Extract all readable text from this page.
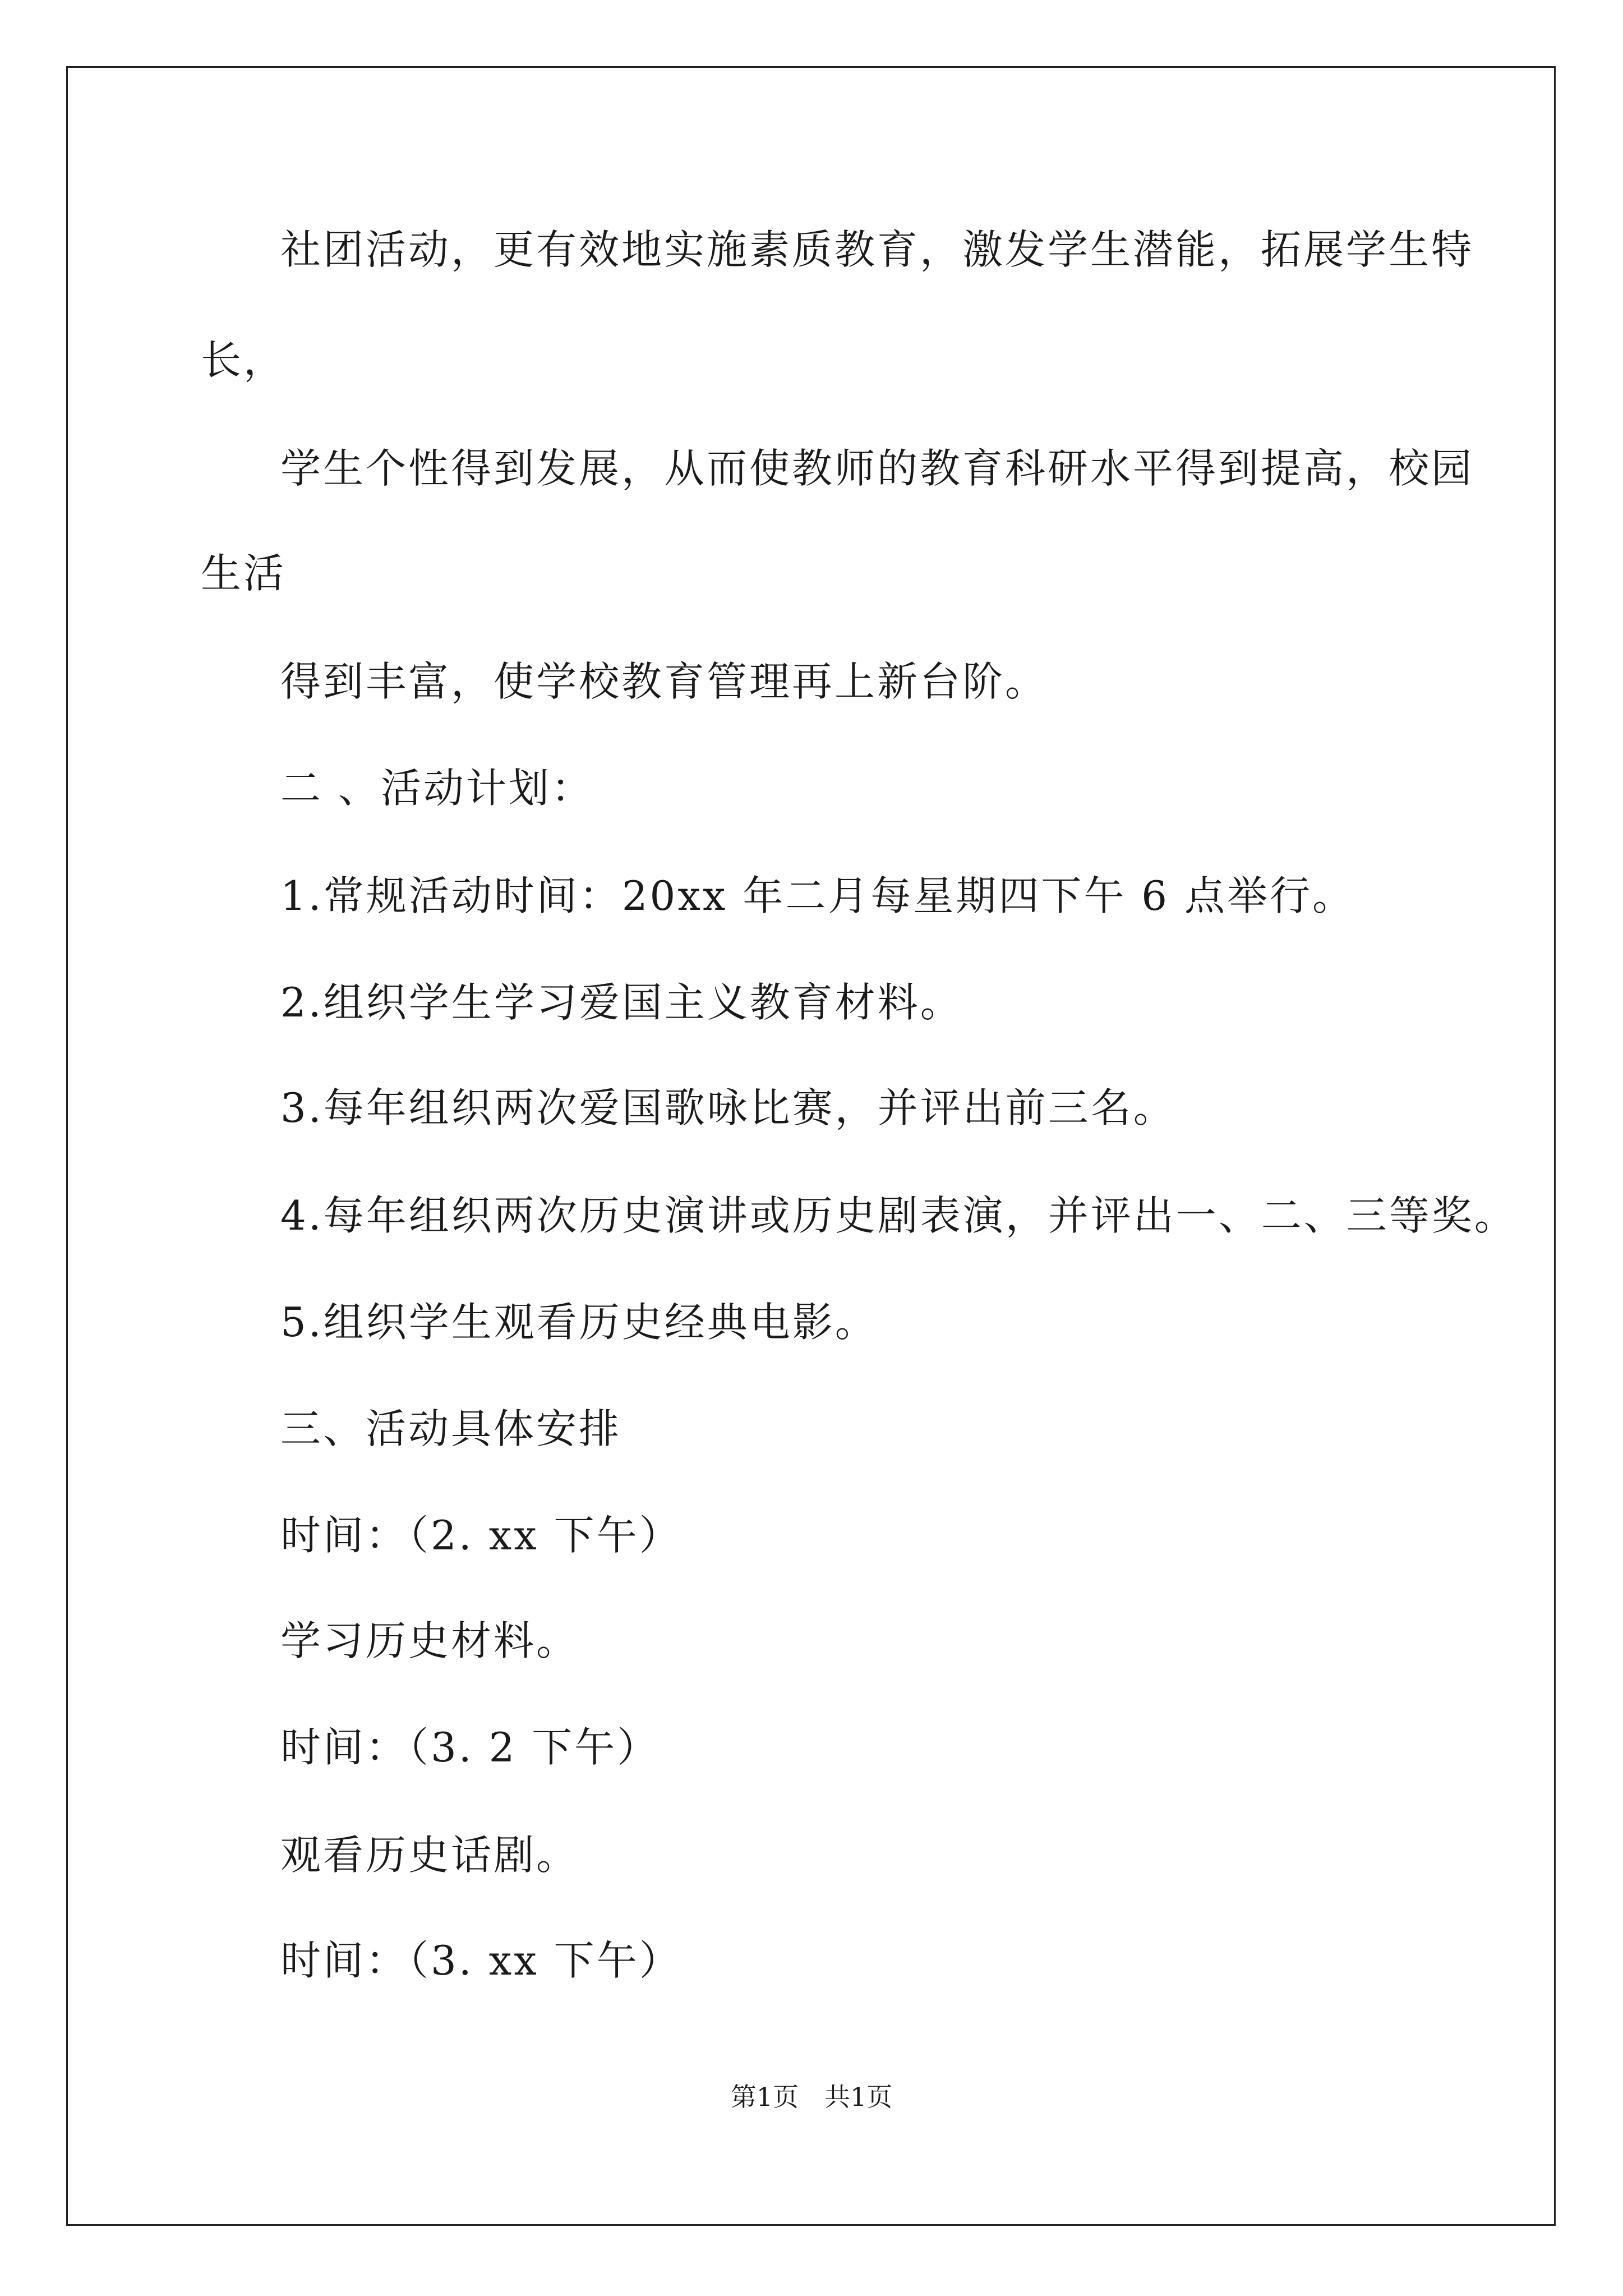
社团活动，更有效地实施素质教育，激发学生潜能，拓展学生特
长，
学生个性得到发展，从而使教师的教育科研水平得到提高，校园
生活
得到丰富，使学校教育管理再上新台阶。
二 、活动计划：
1.常规活动时间：20xx 年二月每星期四下午 6 点举行。
2.组织学生学习爱国主义教育材料。
3.每年组织两次爱国歌咏比赛，并评出前三名。
4.每年组织两次历史演讲或历史剧表演，并评出一、二、三等奖。
5.组织学生观看历史经典电影。
三、活动具体安排
时间：（2. xx 下午）
学习历史材料。
时间：（3. 2 下午）
观看历史话剧。
时间：（3. xx 下午）
第1页　共1页
